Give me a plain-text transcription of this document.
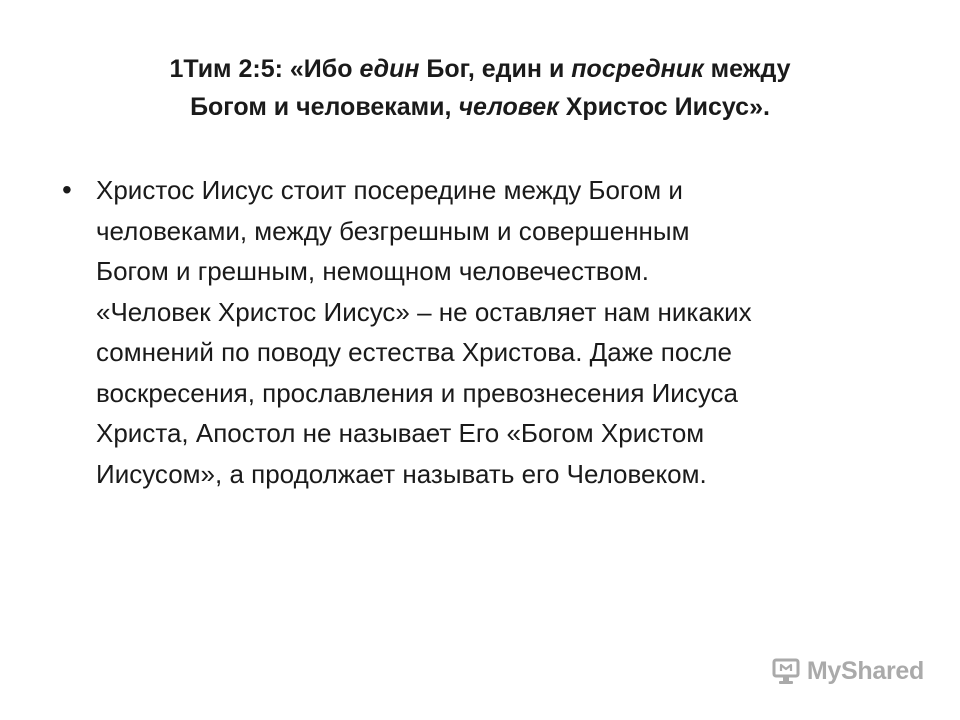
1Тим 2:5: «Ибо един Бог, един и посредник между
Богом и человеками, человек Христос Иисус».
• Христос Иисус стоит посередине между Богом и
человеками, между безгрешным и совершенным
Богом и грешным, немощном человечеством.
«Человек Христос Иисус» – не оставляет нам никаких
сомнений по поводу естества Христова. Даже после
воскресения, прославления и превознесения Иисуса
Христа, Апостол не называет Его «Богом Христом
Иисусом», а продолжает называть его Человеком.

MyShared
